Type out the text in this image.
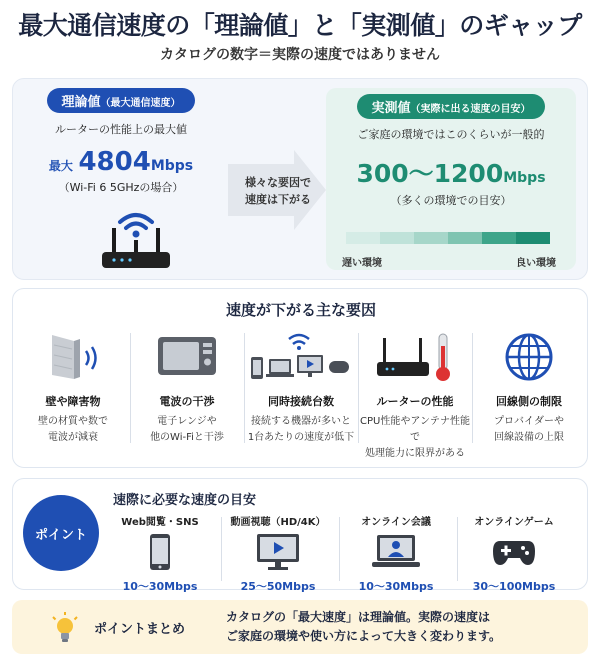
最大通信速度の「理論値」と「実測値」のギャップ
カタログの数字＝実際の速度ではありません
理論値（最大通信速度）
ルーターの性能上の最大値
最大 4804Mbps
（Wi-Fi 6 5GHzの場合）	様々な要因で
速度は下がる
実測値（実際に出る速度の目安）
ご家庭の環境ではこのくらいが一般的
300～1200Mbps
（多くの環境での目安）
遅い環境	良い環境
速度が下がる主な要因
壁や障害物
壁の材質や数で
電波が減衰
電波の干渉
電子レンジや
他のWi-Fiと干渉
同時接続台数
接続する機器が多いと
1台あたりの速度が低下
ルーターの性能
CPU性能やアンテナ性能で
処理能力に限界がある
回線側の制限
プロバイダーや
回線設備の上限
ポイント
速際に必要な速度の目安
Web閲覧・SNS
10～30Mbps
動画視聴（HD/4K）
25～50Mbps
オンライン会議
10～30Mbps
オンラインゲーム
30～100Mbps
ポイントまとめ
カタログの「最大速度」は理論値。実際の速度は
ご家庭の環境や使い方によって大きく変わります。
